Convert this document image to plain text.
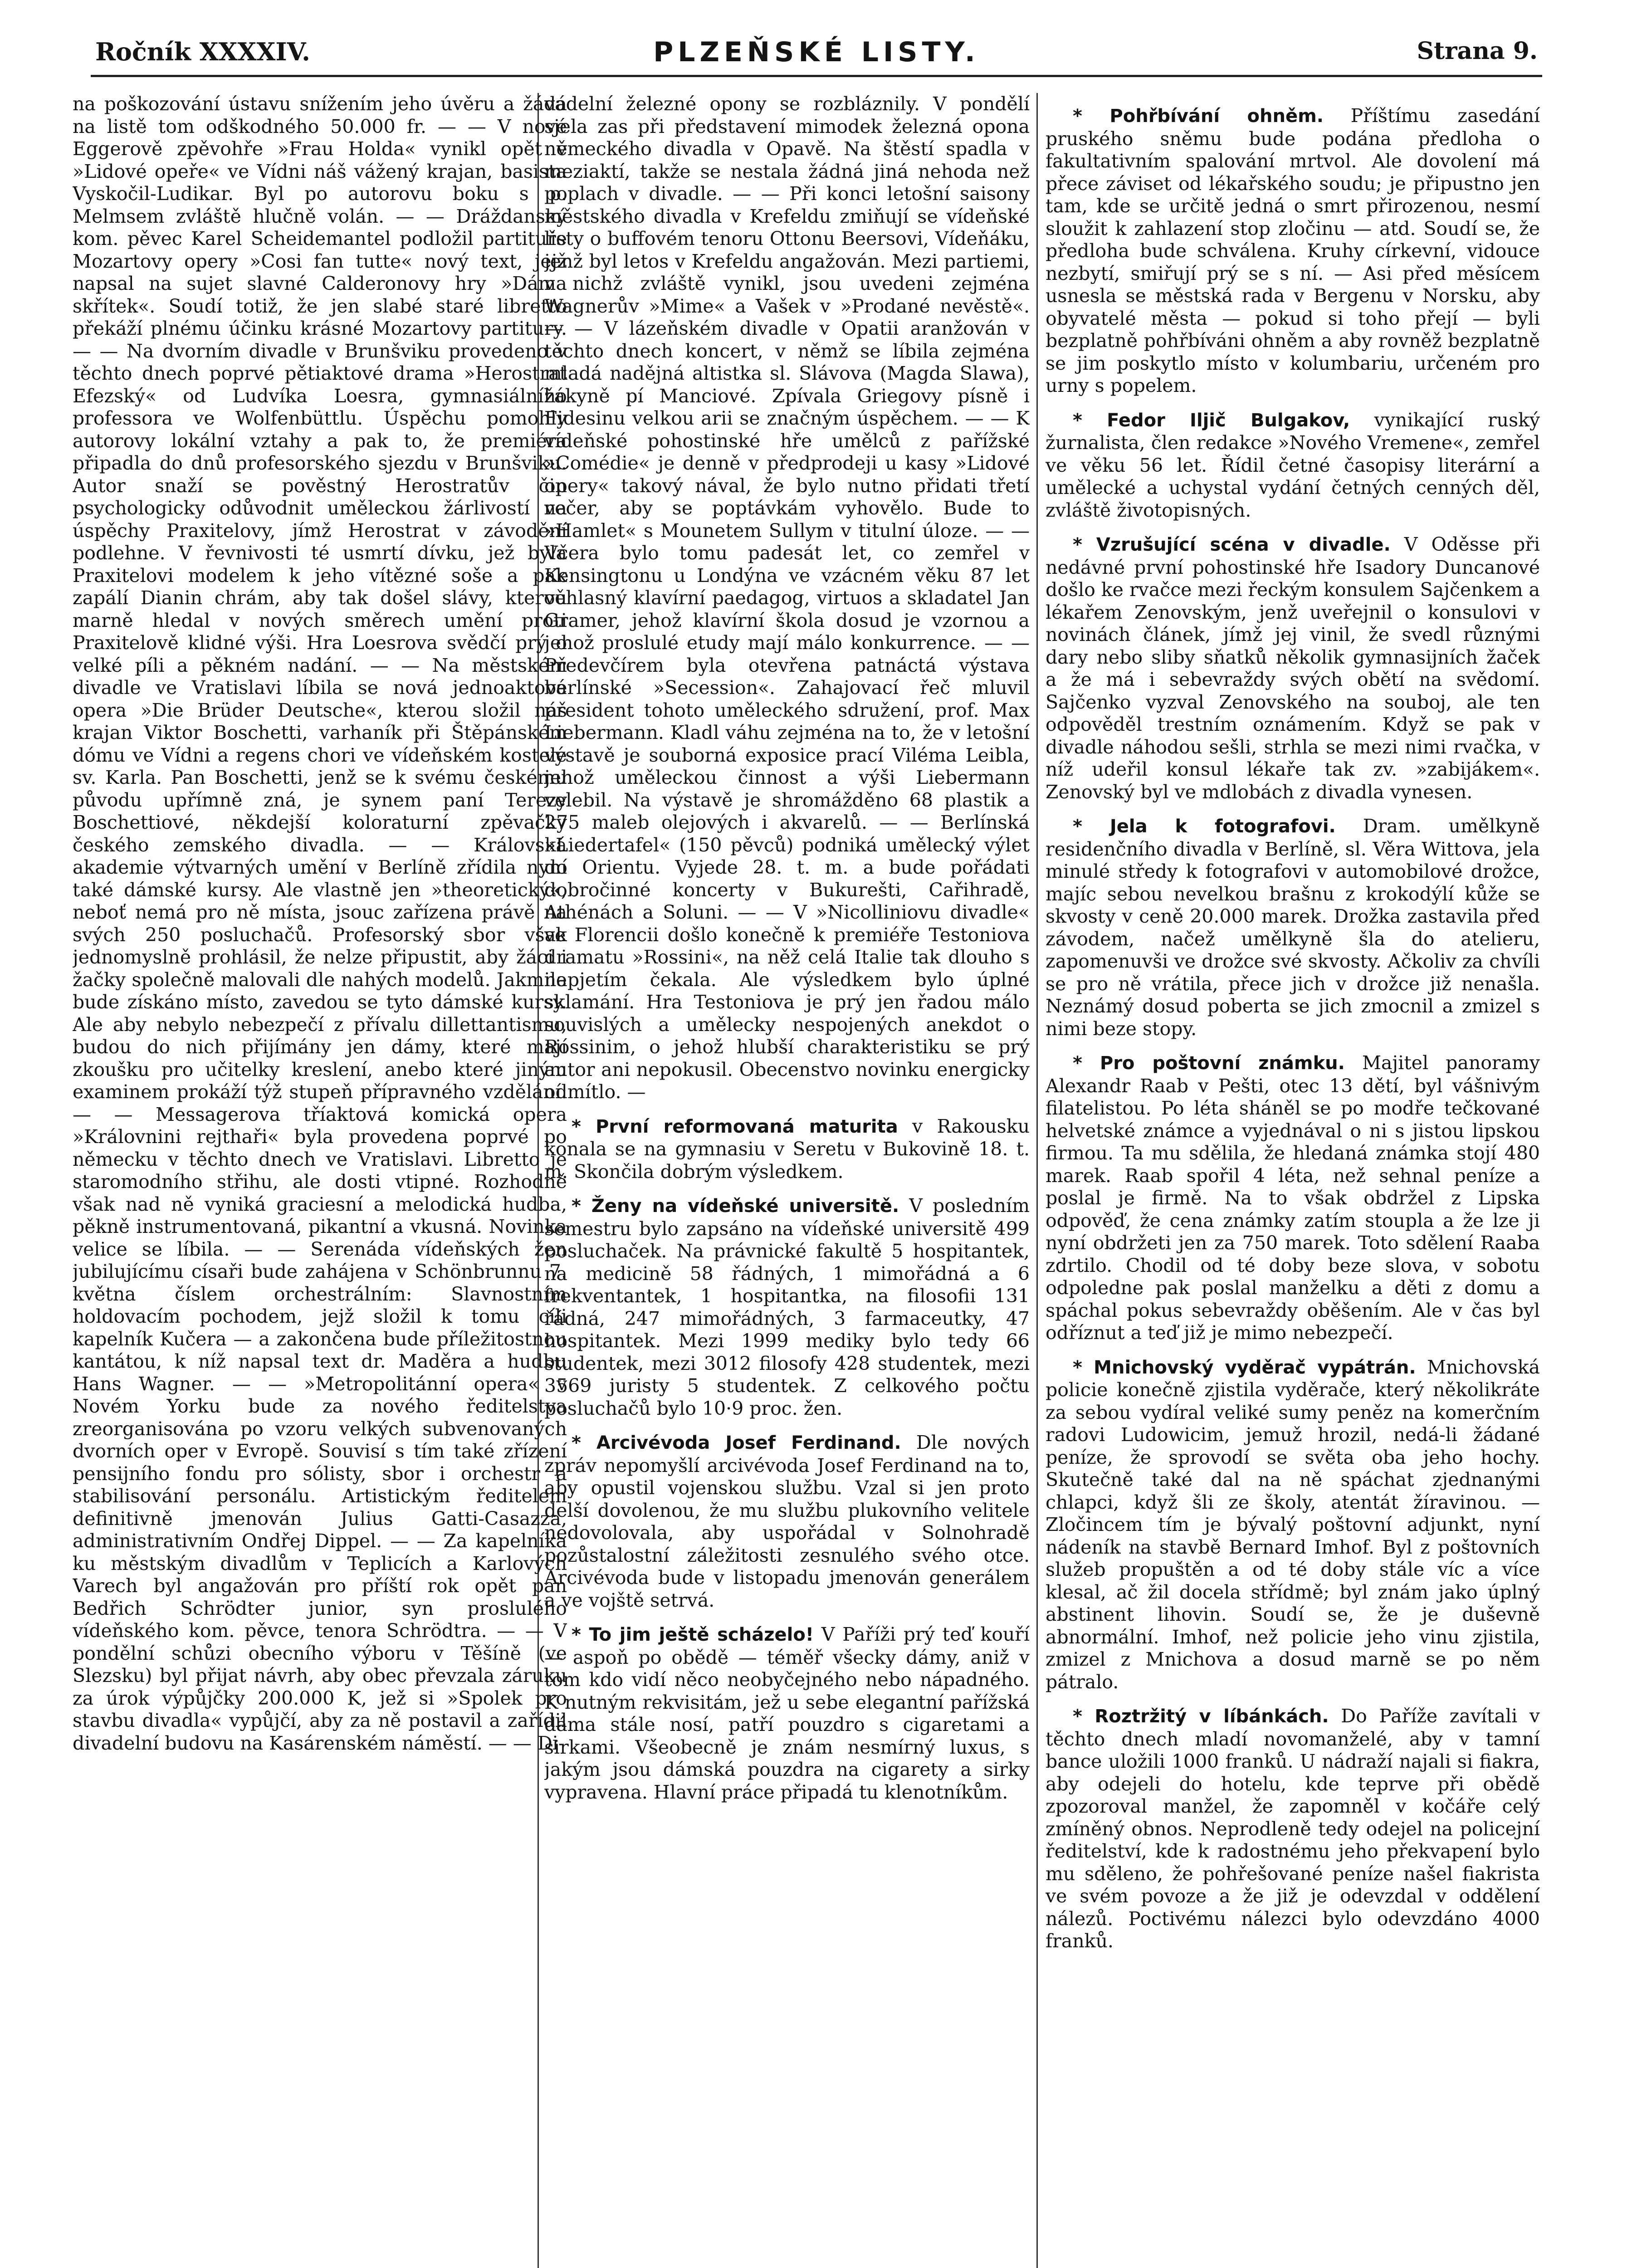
Ročník XXXXIV.	PLZEŇSKÉ LISTY.	Strana 9.

na poškozování ústavu snížením jeho úvěru a žádá na listě tom odškodného 50.000 fr. — — V nové Eggerově zpěvohře »Frau Holda« vynikl opět v »Lidové opeře« ve Vídni náš vážený krajan, basista Vyskočil-Ludikar. Byl po autorovu boku s p. Melmsem zvláště hlučně volán. — — Dráždanský kom. pěvec Karel Scheidemantel podložil partituře Mozartovy opery »Cosi fan tutte« nový text, jejž napsal na sujet slavné Calderonovy hry »Dáma skřítek«. Soudí totiž, že jen slabé staré libretto překáží plnému účinku krásné Mozartovy partitury. — — Na dvorním divadle v Brunšviku provedeno v těchto dnech poprvé pětiaktové drama »Herostrat Efezský« od Ludvíka Loesra, gymnasiálního professora ve Wolfenbüttlu. Úspěchu pomohly autorovy lokální vztahy a pak to, že premiéra připadla do dnů profesorského sjezdu v Brunšviku. Autor snaží se pověstný Herostratův čin psychologicky odůvodnit uměleckou žárlivostí na úspěchy Praxitelovy, jímž Herostrat v závodění podlehne. V řevnivosti té usmrtí dívku, jež byla Praxitelovi modelem k jeho vítězné soše a pak zapálí Dianin chrám, aby tak došel slávy, kterou marně hledal v nových směrech umění proti Praxitelově klidné výši. Hra Loesrova svědčí prý o velké píli a pěkném nadání. — — Na městském divadle ve Vratislavi líbila se nová jednoaktová opera »Die Brüder Deutsche«, kterou složil náš krajan Viktor Boschetti, varhaník při Štěpánském dómu ve Vídni a regens chori ve vídeňském kostele sv. Karla. Pan Boschetti, jenž se k svému českému původu upřímně zná, je synem paní Terezy Boschettiové, někdejší koloraturní zpěvačky českého zemského divadla. — — Královská akademie výtvarných umění v Berlíně zřídila nyní také dámské kursy. Ale vlastně jen »theoretický«, neboť nemá pro ně místa, jsouc zařízena právě na svých 250 posluchačů. Profesorský sbor však jednomyslně prohlásil, že nelze připustit, aby žáci i žačky společně malovali dle nahých modelů. Jakmile bude získáno místo, zavedou se tyto dámské kursy. Ale aby nebylo nebezpečí z přívalu dillettantismu, budou do nich přijímány jen dámy, které mají zkoušku pro učitelky kreslení, anebo které jiným examinem prokáží týž stupeň přípravného vzdělání. — — Messagerova tříaktová komická opera »Královnini rejthaři« byla provedena poprvé po německu v těchto dnech ve Vratislavi. Libretto je staromodního střihu, ale dosti vtipné. Rozhodně však nad ně vyniká graciesní a melodická hudba, pěkně instrumentovaná, pikantní a vkusná. Novinka velice se líbila. — — Serenáda vídeňských žen jubilujícímu císaři bude zahájena v Schönbrunnu 7. května číslem orchestrálním: Slavnostním holdovacím pochodem, jejž složil k tomu cíli kapelník Kučera — a zakončena bude příležitostnou kantátou, k níž napsal text dr. Maděra a hudbu Hans Wagner. — — »Metropolitánní opera« v Novém Yorku bude za nového ředitelstva zreorganisována po vzoru velkých subvenovaných dvorních oper v Evropě. Souvisí s tím také zřízení pensijního fondu pro sólisty, sbor i orchestr a stabilisování personálu. Artistickým ředitelem definitivně jmenován Julius Gatti-Casazza, administrativním Ondřej Dippel. — — Za kapelníka ku městským divadlům v Teplicích a Karlových Varech byl angažován pro příští rok opět pan Bedřich Schrödter junior, syn proslulého vídeňského kom. pěvce, tenora Schrödtra. — — V pondělní schůzi obecního výboru v Těšíně (ve Slezsku) byl přijat návrh, aby obec převzala záruku za úrok výpůjčky 200.000 K, jež si »Spolek pro stavbu divadla« vypůjčí, aby za ně postavil a zařídil divadelní budovu na Kasárenském náměstí. — — Di-

vadelní železné opony se rozbláznily. V pondělí sjela zas při představení mimodek železná opona německého divadla v Opavě. Na štěstí spadla v meziaktí, takže se nestala žádná jiná nehoda než poplach v divadle. — — Při konci letošní saisony městského divadla v Krefeldu zmiňují se vídeňské listy o buffovém tenoru Ottonu Beersovi, Vídeňáku, jenž byl letos v Krefeldu angažován. Mezi partiemi, v nichž zvláště vynikl, jsou uvedeni zejména Wagnerův »Mime« a Vašek v »Prodané nevěstě«. — — V lázeňském divadle v Opatii aranžován v těchto dnech koncert, v němž se líbila zejména mladá nadějná altistka sl. Slávova (Magda Slawa), žákyně pí Manciové. Zpívala Griegovy písně i Fidesinu velkou arii se značným úspěchem. — — K vídeňské pohostinské hře umělců z pařížské »Comédie« je denně v předprodeji u kasy »Lidové opery« takový nával, že bylo nutno přidati třetí večer, aby se poptávkám vyhovělo. Bude to »Hamlet« s Mounetem Sullym v titulní úloze. — — Včera bylo tomu padesát let, co zemřel v Kensingtonu u Londýna ve vzácném věku 87 let věhlasný klavírní paedagog, virtuos a skladatel Jan Gramer, jehož klavírní škola dosud je vzornou a jehož proslulé etudy mají málo konkurrence. — — Předevčírem byla otevřena patnáctá výstava berlínské »Secession«. Zahajovací řeč mluvil president tohoto uměleckého sdružení, prof. Max Liebermann. Kladl váhu zejména na to, že v letošní výstavě je souborná exposice prací Viléma Leibla, jehož uměleckou činnost a výši Liebermann velebil. Na výstavě je shromážděno 68 plastik a 275 maleb olejových i akvarelů. — — Berlínská »Liedertafel« (150 pěvců) podniká umělecký výlet do Orientu. Vyjede 28. t. m. a bude pořádati dobročinné koncerty v Bukurešti, Cařihradě, Athénách a Soluni. — — V »Nicolliniovu divadle« ve Florencii došlo konečně k premiéře Testoniova dramatu »Rossini«, na něž celá Italie tak dlouho s napjetím čekala. Ale výsledkem bylo úplné sklamání. Hra Testoniova je prý jen řadou málo souvislých a umělecky nespojených anekdot o Rossinim, o jehož hlubší charakteristiku se prý autor ani nepokusil. Obecenstvo novinku energicky odmítlo. —

* První reformovaná maturita v Rakousku konala se na gymnasiu v Seretu v Bukovině 18. t. m. Skončila dobrým výsledkem.

* Ženy na vídeňské universitě. V posledním semestru bylo zapsáno na vídeňské universitě 499 posluchaček. Na právnické fakultě 5 hospitantek, na medicině 58 řádných, 1 mimořádná a 6 frekventantek, 1 hospitantka, na filosofii 131 řádná, 247 mimořádných, 3 farmaceutky, 47 hospitantek. Mezi 1999 mediky bylo tedy 66 studentek, mezi 3012 filosofy 428 studentek, mezi 3569 juristy 5 studentek. Z celkového počtu posluchačů bylo 10·9 proc. žen.

* Arcivévoda Josef Ferdinand. Dle nových zpráv nepomyšlí arcivévoda Josef Ferdinand na to, aby opustil vojenskou službu. Vzal si jen proto delší dovolenou, že mu službu plukovního velitele nedovolovala, aby uspořádal v Solnohradě pozůstalostní záležitosti zesnulého svého otce. Arcivévoda bude v listopadu jmenován generálem a ve vojště setrvá.

* To jim ještě scházelo! V Paříži prý teď kouří — aspoň po obědě — téměř všecky dámy, aniž v tom kdo vidí něco neobyčejného nebo nápadného. K nutným rekvisitám, jež u sebe elegantní pařížská dáma stále nosí, patří pouzdro s cigaretami a sirkami. Všeobecně je znám nesmírný luxus, s jakým jsou dámská pouzdra na cigarety a sirky vypravena. Hlavní práce připadá tu klenotníkům.

* Pohřbívání ohněm. Příštímu zasedání pruského sněmu bude podána předloha o fakultativním spalování mrtvol. Ale dovolení má přece záviset od lékařského soudu; je připustno jen tam, kde se určitě jedná o smrt přirozenou, nesmí sloužit k zahlazení stop zločinu — atd. Soudí se, že předloha bude schválena. Kruhy církevní, vidouce nezbytí, smiřují prý se s ní. — Asi před měsícem usnesla se městská rada v Bergenu v Norsku, aby obyvatelé města — pokud si toho přejí — byli bezplatně pohřbíváni ohněm a aby rovněž bezplatně se jim poskytlo místo v kolumbariu, určeném pro urny s popelem.

* Fedor Iljič Bulgakov, vynikající ruský žurnalista, člen redakce »Nového Vremene«, zemřel ve věku 56 let. Řídil četné časopisy literární a umělecké a uchystal vydání četných cenných děl, zvláště životopisných.

* Vzrušující scéna v divadle. V Oděsse při nedávné první pohostinské hře Isadory Duncanové došlo ke rvačce mezi řeckým konsulem Sajčenkem a lékařem Zenovským, jenž uveřejnil o konsulovi v novinách článek, jímž jej vinil, že svedl různými dary nebo sliby sňatků několik gymnasijních žaček a že má i sebevraždy svých obětí na svědomí. Sajčenko vyzval Zenovského na souboj, ale ten odpověděl trestním oznámením. Když se pak v divadle náhodou sešli, strhla se mezi nimi rvačka, v níž udeřil konsul lékaře tak zv. »zabijákem«. Zenovský byl ve mdlobách z divadla vynesen.

* Jela k fotografovi. Dram. umělkyně residenčního divadla v Berlíně, sl. Věra Wittova, jela minulé středy k fotografovi v automobilové drožce, majíc sebou nevelkou brašnu z krokodýlí kůže se skvosty v ceně 20.000 marek. Drožka zastavila před závodem, načež umělkyně šla do atelieru, zapomenuvši ve drožce své skvosty. Ačkoliv za chvíli se pro ně vrátila, přece jich v drožce již nenašla. Neznámý dosud poberta se jich zmocnil a zmizel s nimi beze stopy.

* Pro poštovní známku. Majitel panoramy Alexandr Raab v Pešti, otec 13 dětí, byl vášnivým filatelistou. Po léta sháněl se po modře tečkované helvetské známce a vyjednával o ni s jistou lipskou firmou. Ta mu sdělila, že hledaná známka stojí 480 marek. Raab spořil 4 léta, než sehnal peníze a poslal je firmě. Na to však obdržel z Lipska odpověď, že cena známky zatím stoupla a že lze ji nyní obdržeti jen za 750 marek. Toto sdělení Raaba zdrtilo. Chodil od té doby beze slova, v sobotu odpoledne pak poslal manželku a děti z domu a spáchal pokus sebevraždy oběšením. Ale v čas byl odříznut a teď již je mimo nebezpečí.

* Mnichovský vyděrač vypátrán. Mnichovská policie konečně zjistila vyděrače, který několikráte za sebou vydíral veliké sumy peněz na komerčním radovi Ludowicim, jemuž hrozil, nedá-li žádané peníze, že sprovodí se světa oba jeho hochy. Skutečně také dal na ně spáchat zjednanými chlapci, když šli ze školy, atentát žíravinou. — Zločincem tím je bývalý poštovní adjunkt, nyní nádeník na stavbě Bernard Imhof. Byl z poštovních služeb propuštěn a od té doby stále víc a více klesal, ač žil docela střídmě; byl znám jako úplný abstinent lihovin. Soudí se, že je duševně abnormální. Imhof, než policie jeho vinu zjistila, zmizel z Mnichova a dosud marně se po něm pátralo.

* Roztržitý v líbánkách. Do Paříže zavítali v těchto dnech mladí novomanželé, aby v tamní bance uložili 1000 franků. U nádraží najali si fiakra, aby odejeli do hotelu, kde teprve při obědě zpozoroval manžel, že zapomněl v kočáře celý zmíněný obnos. Neprodleně tedy odejel na policejní ředitelství, kde k radostnému jeho překvapení bylo mu sděleno, že pohřešované peníze našel fiakrista ve svém povoze a že již je odevzdal v oddělení nálezů. Poctivému nálezci bylo odevzdáno 4000 franků.
